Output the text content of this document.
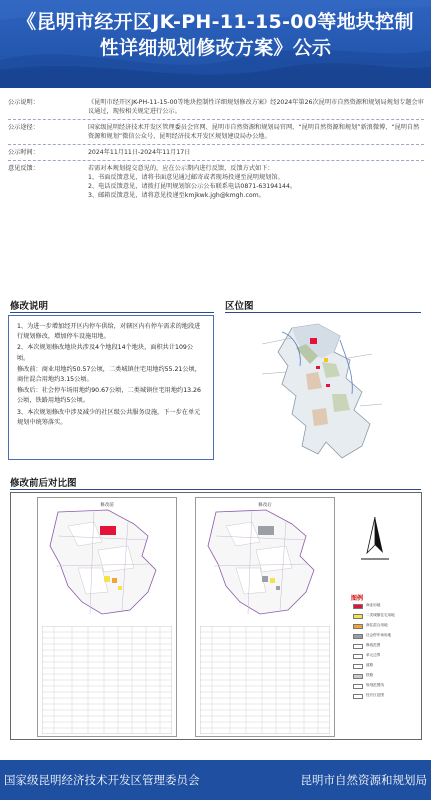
《昆明市经开区JK-PH-11-15-00等地块控制性详细规划修改方案》公示
公示说明：	《昆明市经开区JK-PH-11-15-00等地块控制性详细规划修改方案》经2024年第26次昆明市自然资源和规划局规划专题会审议通过，现按相关规定进行公示。
公示途径：	国家级昆明经济技术开发区管理委员会官网、昆明市自然资源和规划局官网、“昆明自然资源和规划”新浪微博、“昆明自然资源和规划”微信公众号、昆明经济技术开发区规划建设局办公地。
公示时间：	2024年11月11日-2024年11月17日
意见反馈：	若需对本规划提交意见的，应在公示期内进行反馈，反馈方式如下：
1、书面反馈意见，请将书面意见通过邮寄或者现场投递至昆明规划馆。
2、电话反馈意见，请拨打昆明规划馆公示公布联系电话0871-63194144。
3、邮箱反馈意见，请将意见投递至kmjkwk.jgh@kmgh.com。
修改说明

1、为进一步增加经开区内停车供给，对辖区内有停车需求的地段进行规划修改，增加停车设施用地。

2、本次规划修改地块共涉及4个地段14个地块，面积共计109公顷。

修改前：商业用地约50.57公顷，二类城镇住宅用地约55.21公顷，商住混合用地约3.15公顷。

修改后：社会停车场用地约90.67公顷，二类城镇住宅用地约13.26公顷，铁路用地约5公顷。

3、本次规划修改中涉及减少的社区级公共服务设施，下一步在单元规划中统筹落实。

区位图
修改前后对比图
修改前	修改后
图例
商业用地
二类城镇住宅用地
商住混合用地
社会停车场用地
修改范围
单元边界
道路
铁路
规划范围线
经开区范围
国家级昆明经济技术开发区管理委员会	昆明市自然资源和规划局
